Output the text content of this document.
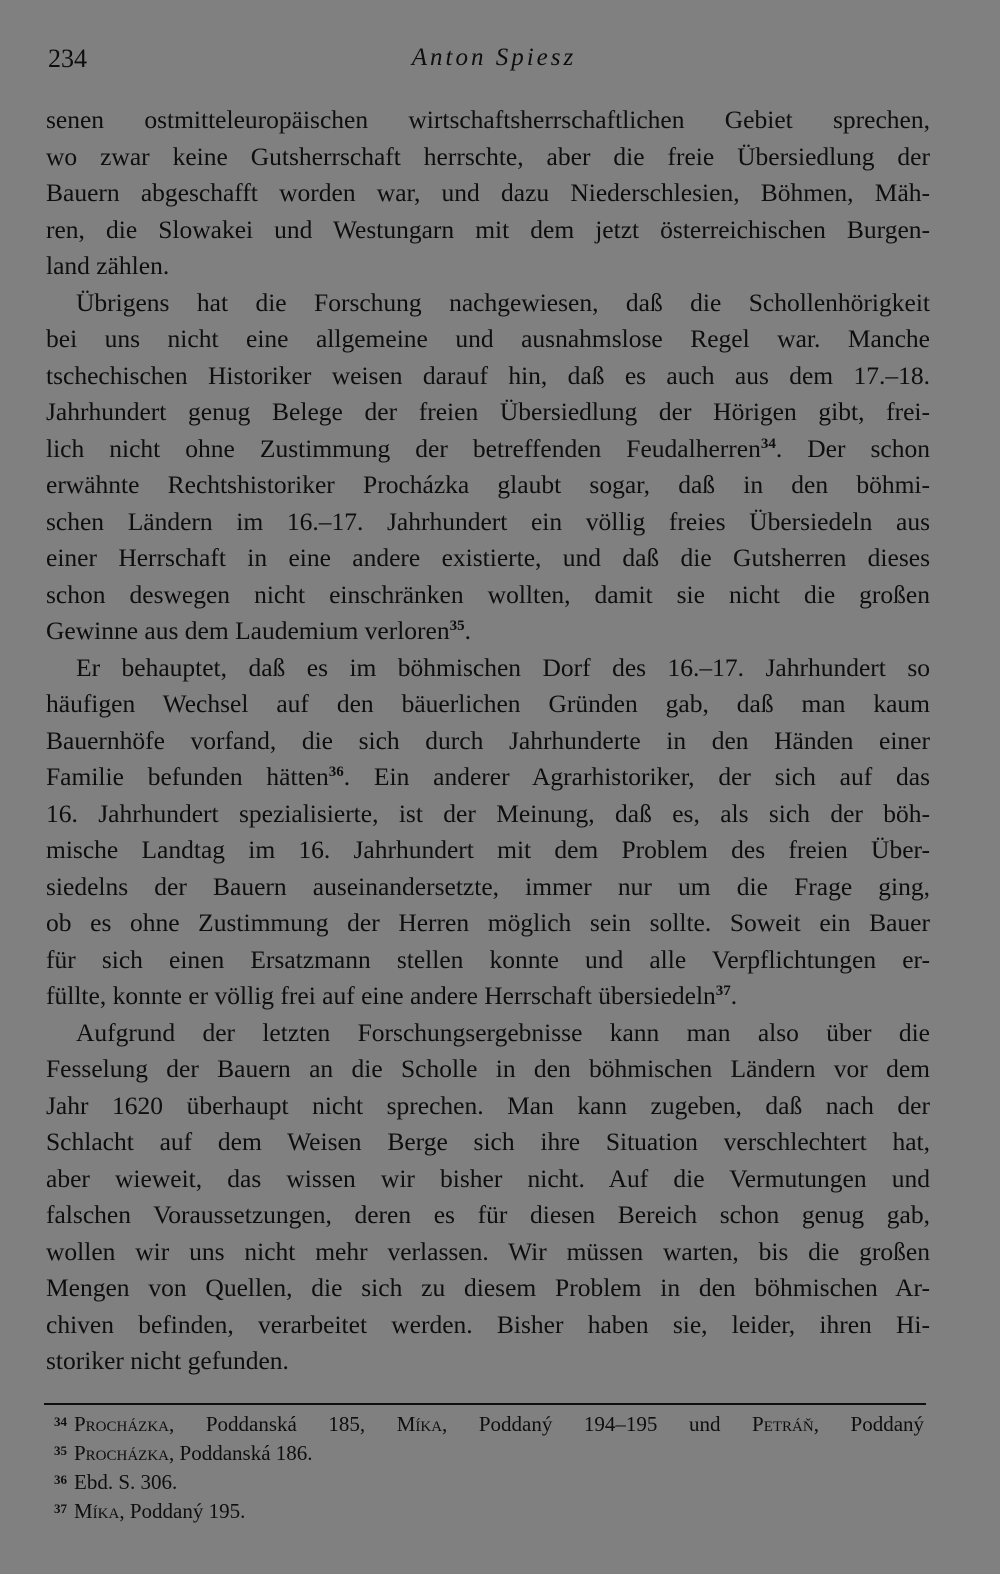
234	Anton Spiesz
senen ostmitteleuropäischen wirtschaftsherrschaftlichen Gebiet sprechen,
wo zwar keine Gutsherrschaft herrschte, aber die freie Übersiedlung der
Bauern abgeschafft worden war, und dazu Niederschlesien, Böhmen, Mäh-
ren, die Slowakei und Westungarn mit dem jetzt österreichischen Burgen-
land zählen.
Übrigens hat die Forschung nachgewiesen, daß die Schollenhörigkeit
bei uns nicht eine allgemeine und ausnahmslose Regel war. Manche
tschechischen Historiker weisen darauf hin, daß es auch aus dem 17.–18.
Jahrhundert genug Belege der freien Übersiedlung der Hörigen gibt, frei-
lich nicht ohne Zustimmung der betreffenden Feudalherren$^{34}$. Der schon
erwähnte Rechtshistoriker Procházka glaubt sogar, daß in den böhmi-
schen Ländern im 16.–17. Jahrhundert ein völlig freies Übersiedeln aus
einer Herrschaft in eine andere existierte, und daß die Gutsherren dieses
schon deswegen nicht einschränken wollten, damit sie nicht die großen
Gewinne aus dem Laudemium verloren$^{35}$.
Er behauptet, daß es im böhmischen Dorf des 16.–17. Jahrhundert so
häufigen Wechsel auf den bäuerlichen Gründen gab, daß man kaum
Bauernhöfe vorfand, die sich durch Jahrhunderte in den Händen einer
Familie befunden hätten$^{36}$. Ein anderer Agrarhistoriker, der sich auf das
16. Jahrhundert spezialisierte, ist der Meinung, daß es, als sich der böh-
mische Landtag im 16. Jahrhundert mit dem Problem des freien Über-
siedelns der Bauern auseinandersetzte, immer nur um die Frage ging,
ob es ohne Zustimmung der Herren möglich sein sollte. Soweit ein Bauer
für sich einen Ersatzmann stellen konnte und alle Verpflichtungen er-
füllte, konnte er völlig frei auf eine andere Herrschaft übersiedeln$^{37}$.
Aufgrund der letzten Forschungsergebnisse kann man also über die
Fesselung der Bauern an die Scholle in den böhmischen Ländern vor dem
Jahr 1620 überhaupt nicht sprechen. Man kann zugeben, daß nach der
Schlacht auf dem Weisen Berge sich ihre Situation verschlechtert hat,
aber wieweit, das wissen wir bisher nicht. Auf die Vermutungen und
falschen Voraussetzungen, deren es für diesen Bereich schon genug gab,
wollen wir uns nicht mehr verlassen. Wir müssen warten, bis die großen
Mengen von Quellen, die sich zu diesem Problem in den böhmischen Ar-
chiven befinden, verarbeitet werden. Bisher haben sie, leider, ihren Hi-
storiker nicht gefunden.
34 Procházka, Poddanská 185, Míka, Poddaný 194–195 und Petráň, Poddaný
35 Procházka, Poddanská 186.
36 Ebd. S. 306.
37 Míka, Poddaný 195.
